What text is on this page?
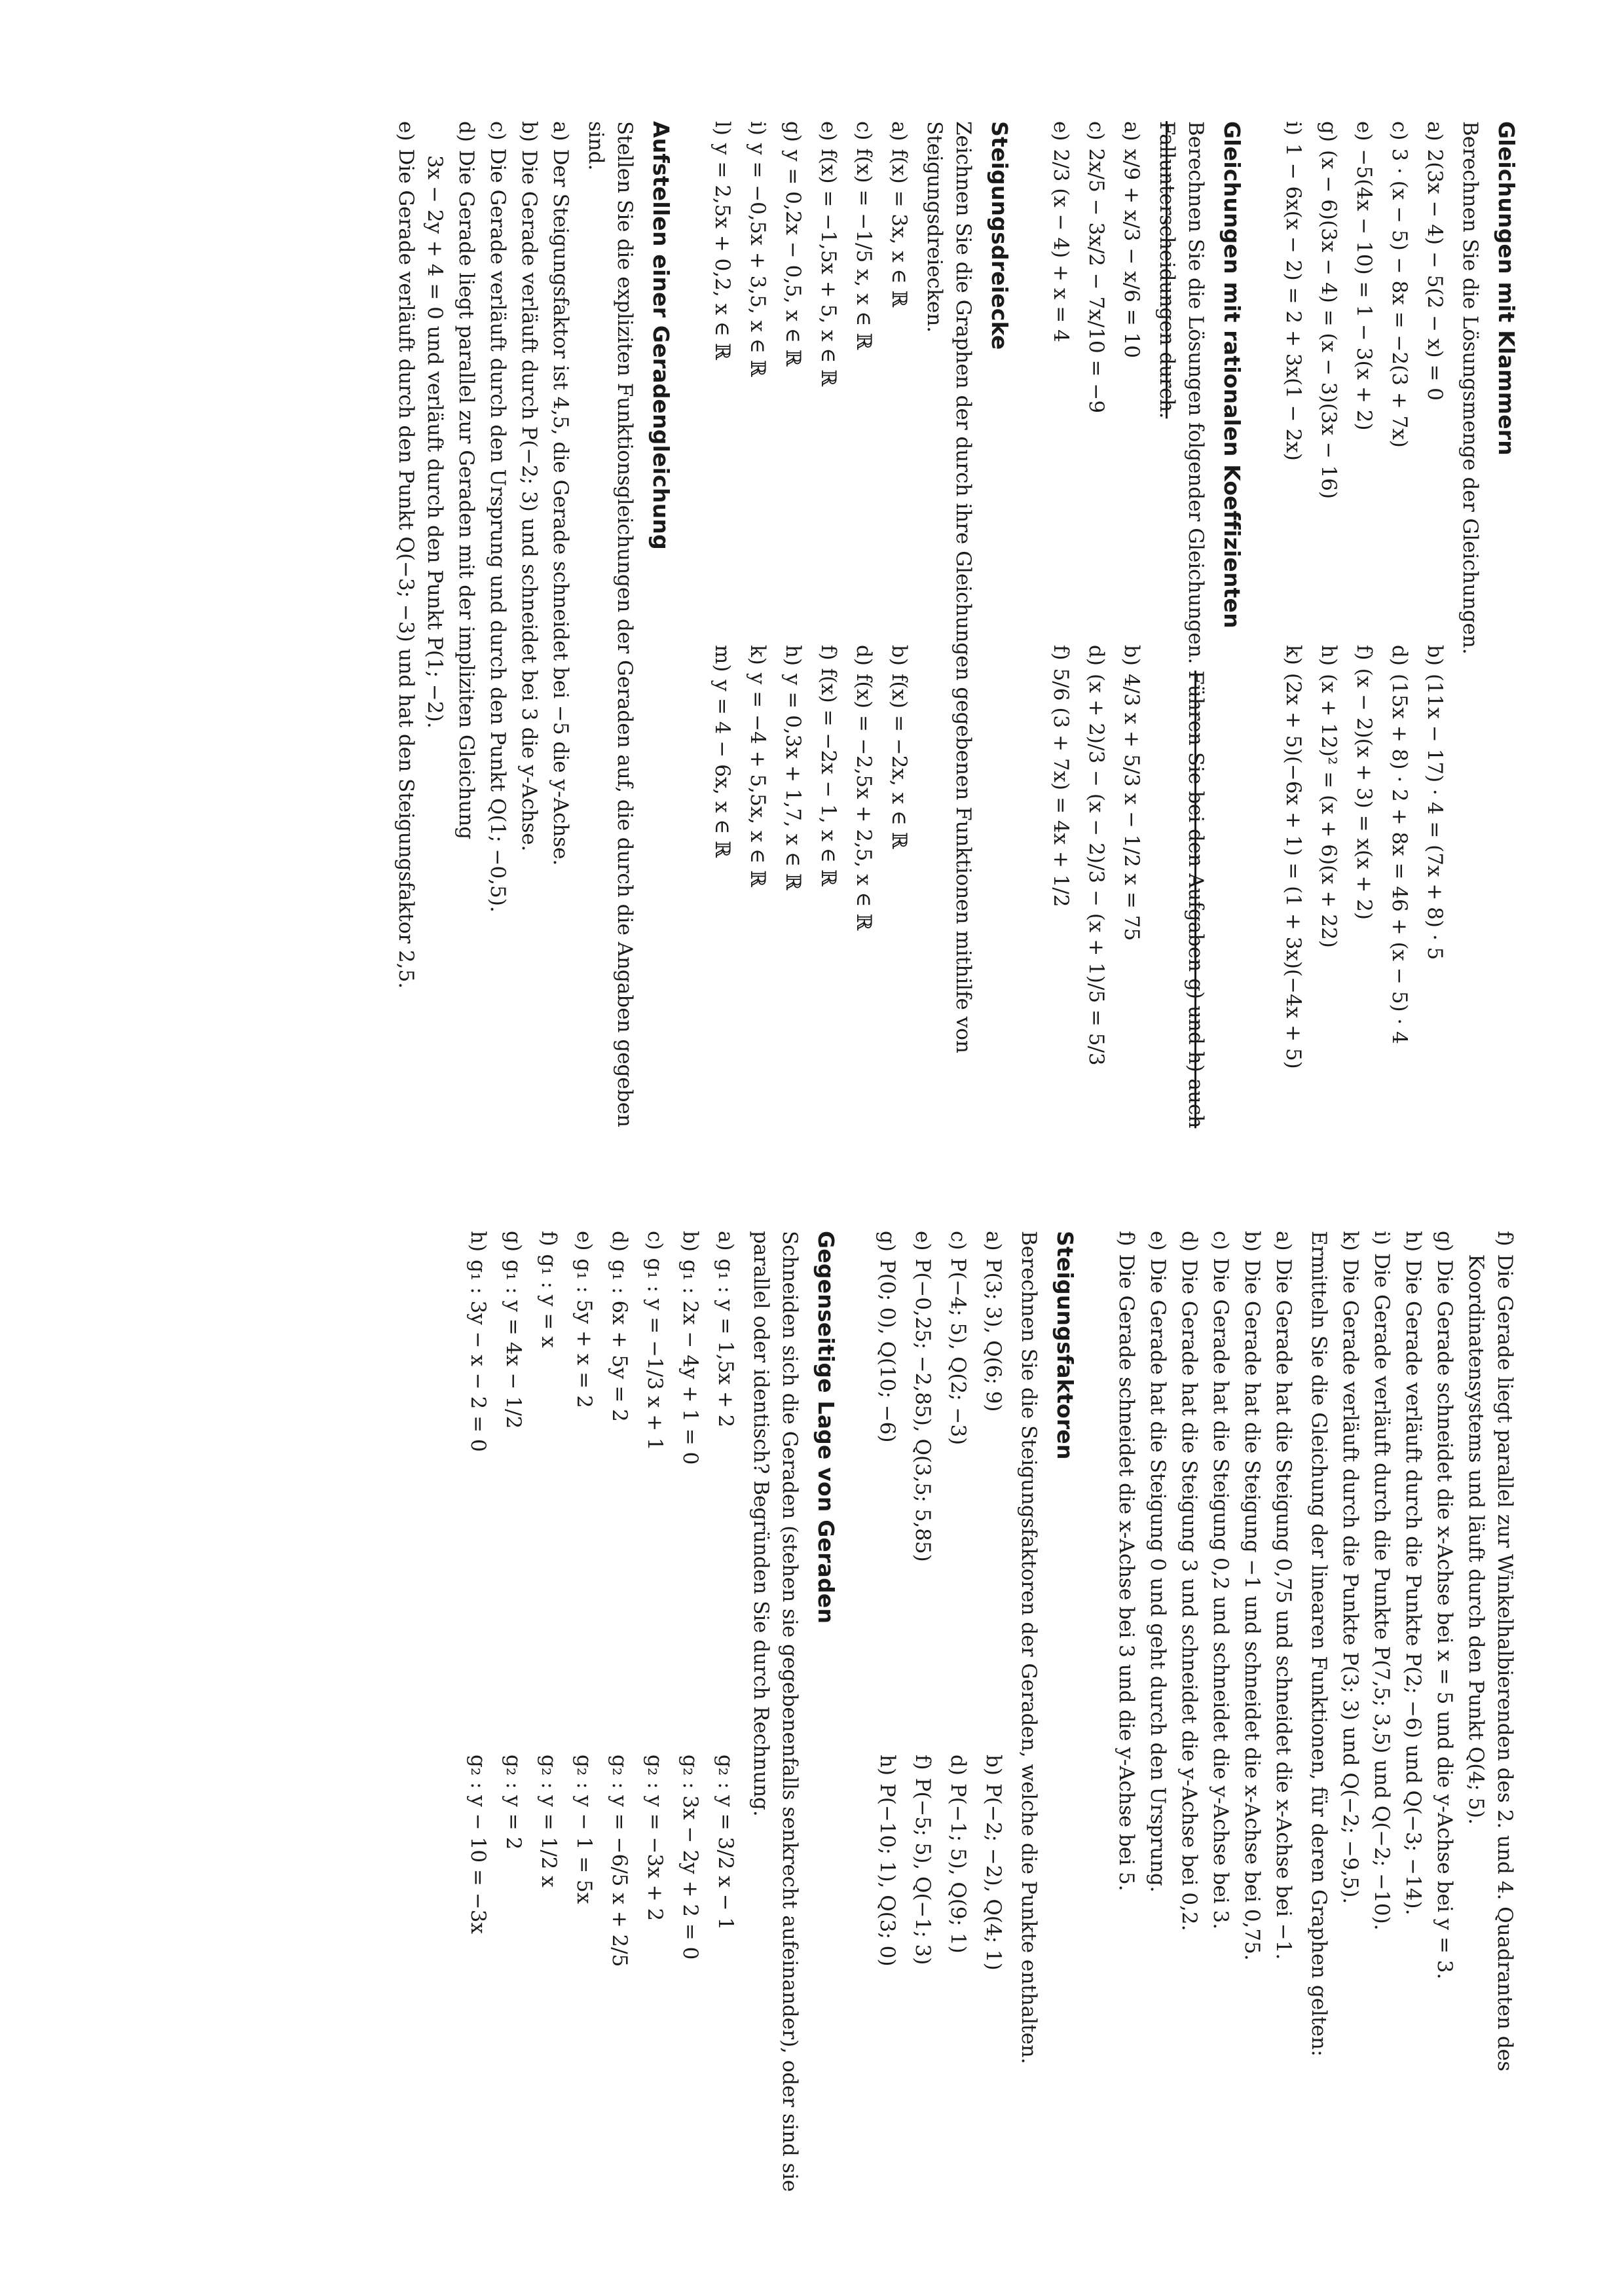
Gleichungen mit Klammern

Berechnen Sie die Lösungsmenge der Gleichungen.

a)
2(3x − 4) − 5(2 − x) = 0
b)
(11x − 17) · 4 = (7x + 8) · 5
c)
3 · (x − 5) − 8x = −2(3 + 7x)
d)
(15x + 8) · 2 + 8x = 46 + (x − 5) · 4
e)
−5(4x − 10) = 1 − 3(x + 2)
f)
(x − 2)(x + 3) = x(x + 2)
g)
(x − 6)(3x − 4) = (x − 3)(3x − 16)
h)
(x + 12)² = (x + 6)(x + 22)
i)
1 − 6x(x − 2) = 2 + 3x(1 − 2x)
k)
(2x + 5)(−6x + 1) = (1 + 3x)(−4x + 5)
Gleichungen mit rationalen Koeffizienten

Berechnen Sie die Lösungen folgender Gleichungen. Führen Sie bei den Aufgaben g) und h) auch Fallunterscheidungen durch.

a)
x/9 + x/3 − x/6 = 10
b)
4/3 x + 5/3 x − 1/2 x = 75
c)
2x/5 − 3x/2 − 7x/10 = −9
d)
(x + 2)/3 − (x − 2)/3 − (x + 1)/5 = 5/3
e)
2/3 (x − 4) + x = 4
f)
5/6 (3 + 7x) = 4x + 1/2
Steigungsdreiecke

Zeichnen Sie die Graphen der durch ihre Gleichungen gegebenen Funktionen mithilfe von Steigungsdreiecken.

a)
f(x) = 3x, x ∈ ℝ
b)
f(x) = −2x, x ∈ ℝ
c)
f(x) = −1/5 x, x ∈ ℝ
d)
f(x) = −2,5x + 2,5, x ∈ ℝ
e)
f(x) = −1,5x + 5, x ∈ ℝ
f)
f(x) = −2x − 1, x ∈ ℝ
g)
y = 0,2x − 0,5, x ∈ ℝ
h)
y = 0,3x + 1,7, x ∈ ℝ
i)
y = −0,5x + 3,5, x ∈ ℝ
k)
y = −4 + 5,5x, x ∈ ℝ
l)
y = 2,5x + 0,2, x ∈ ℝ
m)
y = 4 − 6x, x ∈ ℝ
Aufstellen einer Geradengleichung

Stellen Sie die expliziten Funktionsgleichungen der Geraden auf, die durch die Angaben gegeben sind.

a)
Der Steigungsfaktor ist 4,5, die Gerade schneidet bei −5 die y-Achse.
b)
Die Gerade verläuft durch P(−2; 3) und schneidet bei 3 die y-Achse.
c)
Die Gerade verläuft durch den Ursprung und durch den Punkt Q(1; −0,5).
d)
Die Gerade liegt parallel zur Geraden mit der impliziten Gleichung
3x − 2y + 4 = 0 und verläuft durch den Punkt P(1; −2).
e)
Die Gerade verläuft durch den Punkt Q(−3; −3) und hat den Steigungsfaktor 2,5.
f)
Die Gerade liegt parallel zur Winkelhalbierenden des 2. und 4. Quadranten des Koordinatensystems und läuft durch den Punkt Q(4; 5).
g)
Die Gerade schneidet die x-Achse bei x = 5 und die y-Achse bei y = 3.
h)
Die Gerade verläuft durch die Punkte P(2; −6) und Q(−3; −14).
i)
Die Gerade verläuft durch die Punkte P(7,5; 3,5) und Q(−2; −10).
k)
Die Gerade verläuft durch die Punkte P(3; 3) und Q(−2; −9,5).

Ermitteln Sie die Gleichung der linearen Funktionen, für deren Graphen gelten:

a)
Die Gerade hat die Steigung 0,75 und schneidet die x-Achse bei −1.
b)
Die Gerade hat die Steigung −1 und schneidet die x-Achse bei 0,75.
c)
Die Gerade hat die Steigung 0,2 und schneidet die y-Achse bei 3.
d)
Die Gerade hat die Steigung 3 und schneidet die y-Achse bei 0,2.
e)
Die Gerade hat die Steigung 0 und geht durch den Ursprung.
f)
Die Gerade schneidet die x-Achse bei 3 und die y-Achse bei 5.
Steigungsfaktoren

Berechnen Sie die Steigungsfaktoren der Geraden, welche die Punkte enthalten.

a)
P(3; 3), Q(6; 9)
b)
P(−2; −2), Q(4; 1)
c)
P(−4; 5), Q(2; −3)
d)
P(−1; 5), Q(9; 1)
e)
P(−0,25; −2,85), Q(3,5; 5,85)
f)
P(−5; 5), Q(−1; 3)
g)
P(0; 0), Q(10; −6)
h)
P(−10; 1), Q(3; 0)
Gegenseitige Lage von Geraden

Schneiden sich die Geraden (stehen sie gegebenenfalls senkrecht aufeinander), oder sind sie parallel oder identisch? Begründen Sie durch Rechnung.

a)
g₁ : y = 1,5x + 2
g₂ : y = 3/2 x − 1
b)
g₁ : 2x − 4y + 1 = 0
g₂ : 3x − 2y + 2 = 0
c)
g₁ : y = −1/3 x + 1
g₂ : y = −3x + 2
d)
g₁ : 6x + 5y = 2
g₂ : y = −6/5 x + 2/5
e)
g₁ : 5y + x = 2
g₂ : y − 1 = 5x
f)
g₁ : y = x
g₂ : y = 1/2 x
g)
g₁ : y = 4x − 1/2
g₂ : y = 2
h)
g₁ : 3y − x − 2 = 0
g₂ : y − 10 = −3x
